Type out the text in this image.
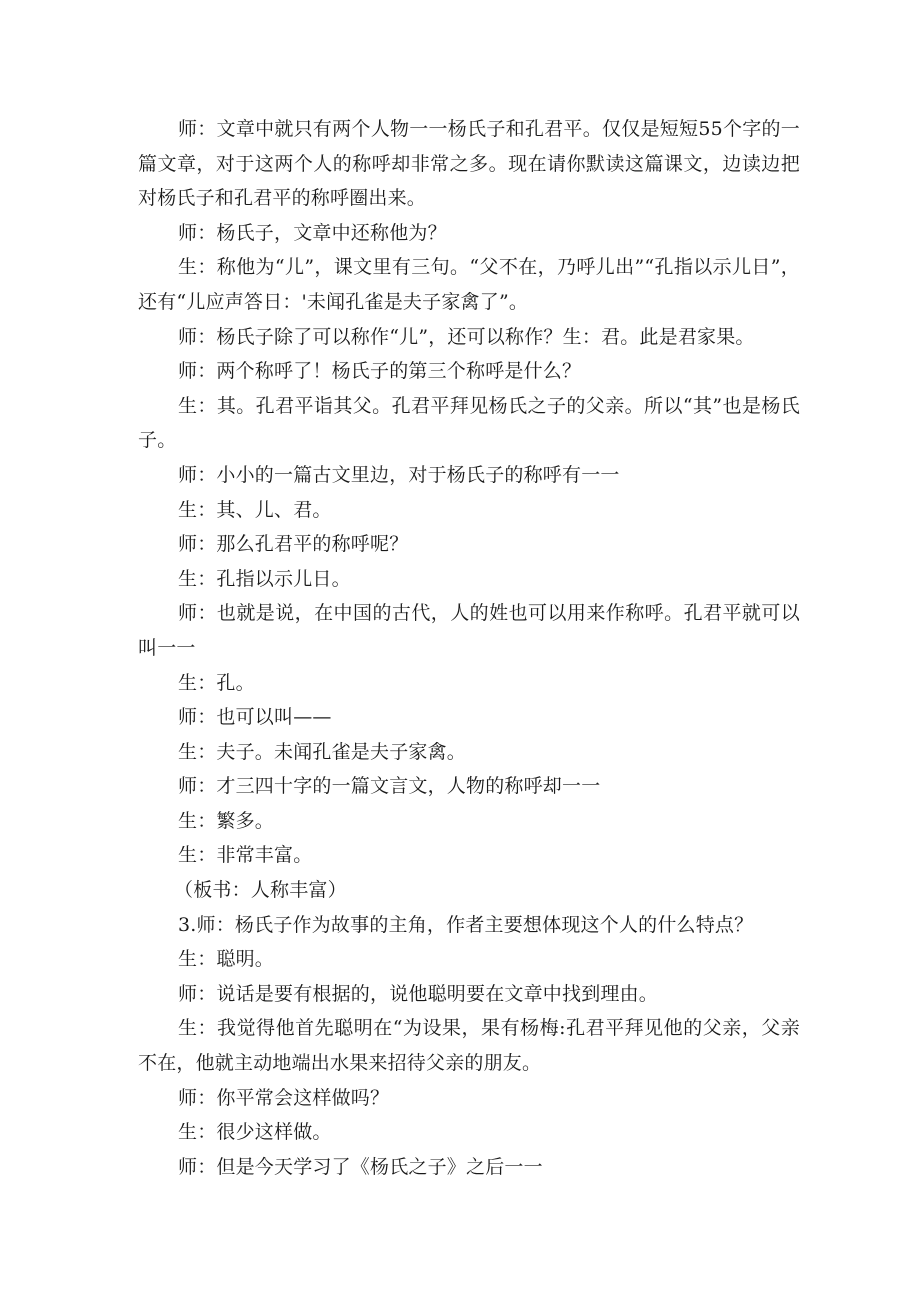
师：文章中就只有两个人物一一杨氏子和孔君平。仅仅是短短55个字的一篇文章，对于这两个人的称呼却非常之多。现在请你默读这篇课文，边读边把对杨氏子和孔君平的称呼圈出来。

师：杨氏子，文章中还称他为？

生：称他为“儿”，课文里有三句。“父不在，乃呼儿出”“孔指以示儿日”，还有“儿应声答日：'未闻孔雀是夫子家禽了”。

师：杨氏子除了可以称作“儿”，还可以称作？生：君。此是君家果。

师：两个称呼了！杨氏子的第三个称呼是什么？

生：其。孔君平诣其父。孔君平拜见杨氏之子的父亲。所以“其”也是杨氏子。

师：小小的一篇古文里边，对于杨氏子的称呼有一一

生：其、儿、君。

师：那么孔君平的称呼呢？

生：孔指以示儿日。

师：也就是说，在中国的古代，人的姓也可以用来作称呼。孔君平就可以叫一一

生：孔。

师：也可以叫——

生：夫子。未闻孔雀是夫子家禽。

师：才三四十字的一篇文言文，人物的称呼却一一

生：繁多。

生：非常丰富。

（板书：人称丰富）

3.师：杨氏子作为故事的主角，作者主要想体现这个人的什么特点？

生：聪明。

师：说话是要有根据的，说他聪明要在文章中找到理由。

生：我觉得他首先聪明在“为设果，果有杨梅:孔君平拜见他的父亲，父亲不在，他就主动地端出水果来招待父亲的朋友。

师：你平常会这样做吗？

生：很少这样做。

师：但是今天学习了《杨氏之子》之后一一
